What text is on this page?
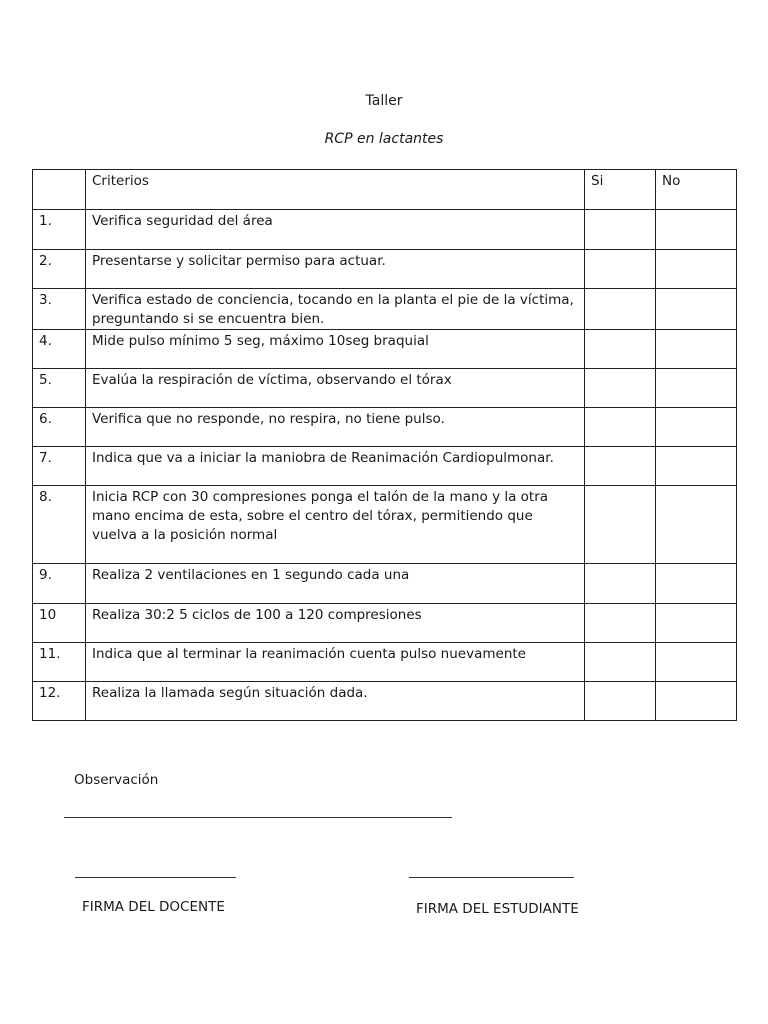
Taller
RCP en lactantes
	Criterios	Si	No
1.	Verifica seguridad del área		
2.	Presentarse y solicitar permiso para actuar.		
3.	Verifica estado de conciencia, tocando en la planta el pie de la víctima, preguntando si se encuentra bien.		
4.	Mide pulso mínimo 5 seg, máximo 10seg braquial		
5.	Evalúa la respiración de víctima, observando el tórax		
6.	Verifica que no responde, no respira, no tiene pulso.		
7.	Indica que va a iniciar la maniobra de Reanimación Cardiopulmonar.		
8.	Inicia RCP con 30 compresiones ponga el talón de la mano y la otra mano encima de esta, sobre el centro del tórax, permitiendo que vuelva a la posición normal		
9.	Realiza 2 ventilaciones en 1 segundo cada una		
10	Realiza 30:2 5 ciclos de 100 a 120 compresiones		
11.	Indica que al terminar la reanimación cuenta pulso nuevamente		
12.	Realiza la llamada según situación dada.		
Observación
FIRMA DEL DOCENTE	FIRMA DEL ESTUDIANTE
